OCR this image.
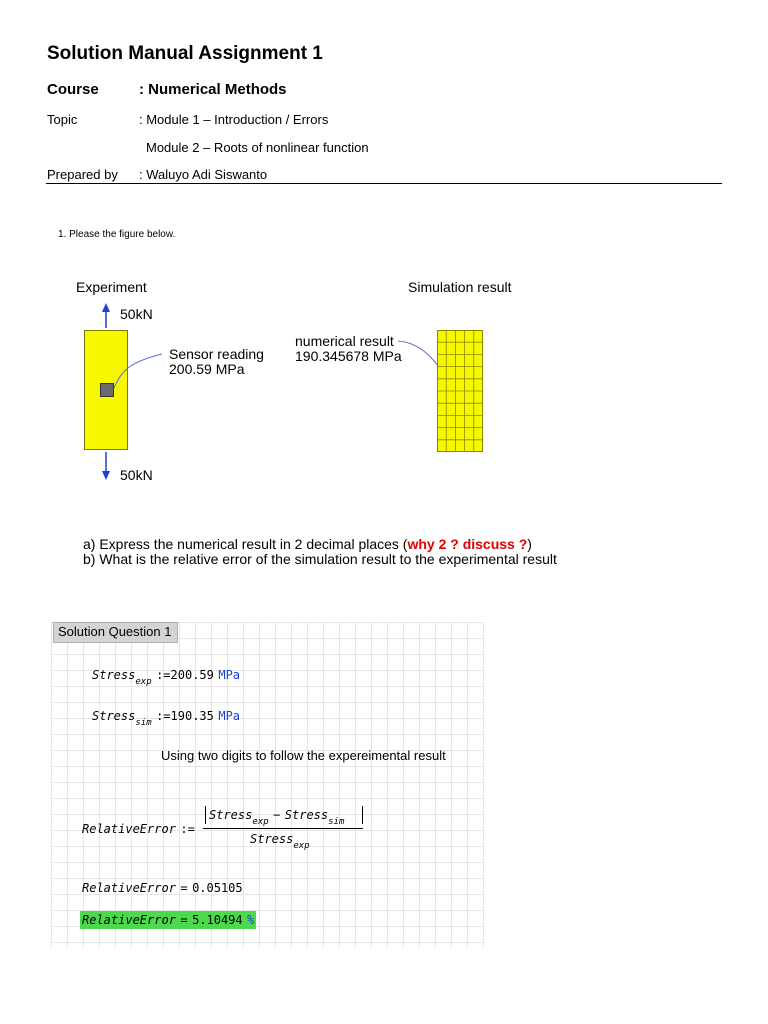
Solution Manual Assignment 1
Course	: Numerical Methods
Topic	: Module 1 – Introduction / Errors
Module 2 – Roots of nonlinear function
Prepared by : Waluyo Adi Siswanto
1. Please the figure below.
Experiment	Simulation result
50kN
50kN
Sensor reading
200.59 MPa
numerical result
190.345678 MPa
a) Express the numerical result in 2 decimal places (why 2 ? discuss ?)
b) What is the relative error of the simulation result to the experimental result
Solution Question 1
Stress$_{exp}$ :=200.59 MPa
Stress$_{sim}$ :=190.35 MPa
Using two digits to follow the expereimental result
RelativeError :=
Stress$_{exp}$ − Stress$_{sim}$
Stress$_{exp}$
RelativeError = 0.05105
RelativeError = 5.10494 %
